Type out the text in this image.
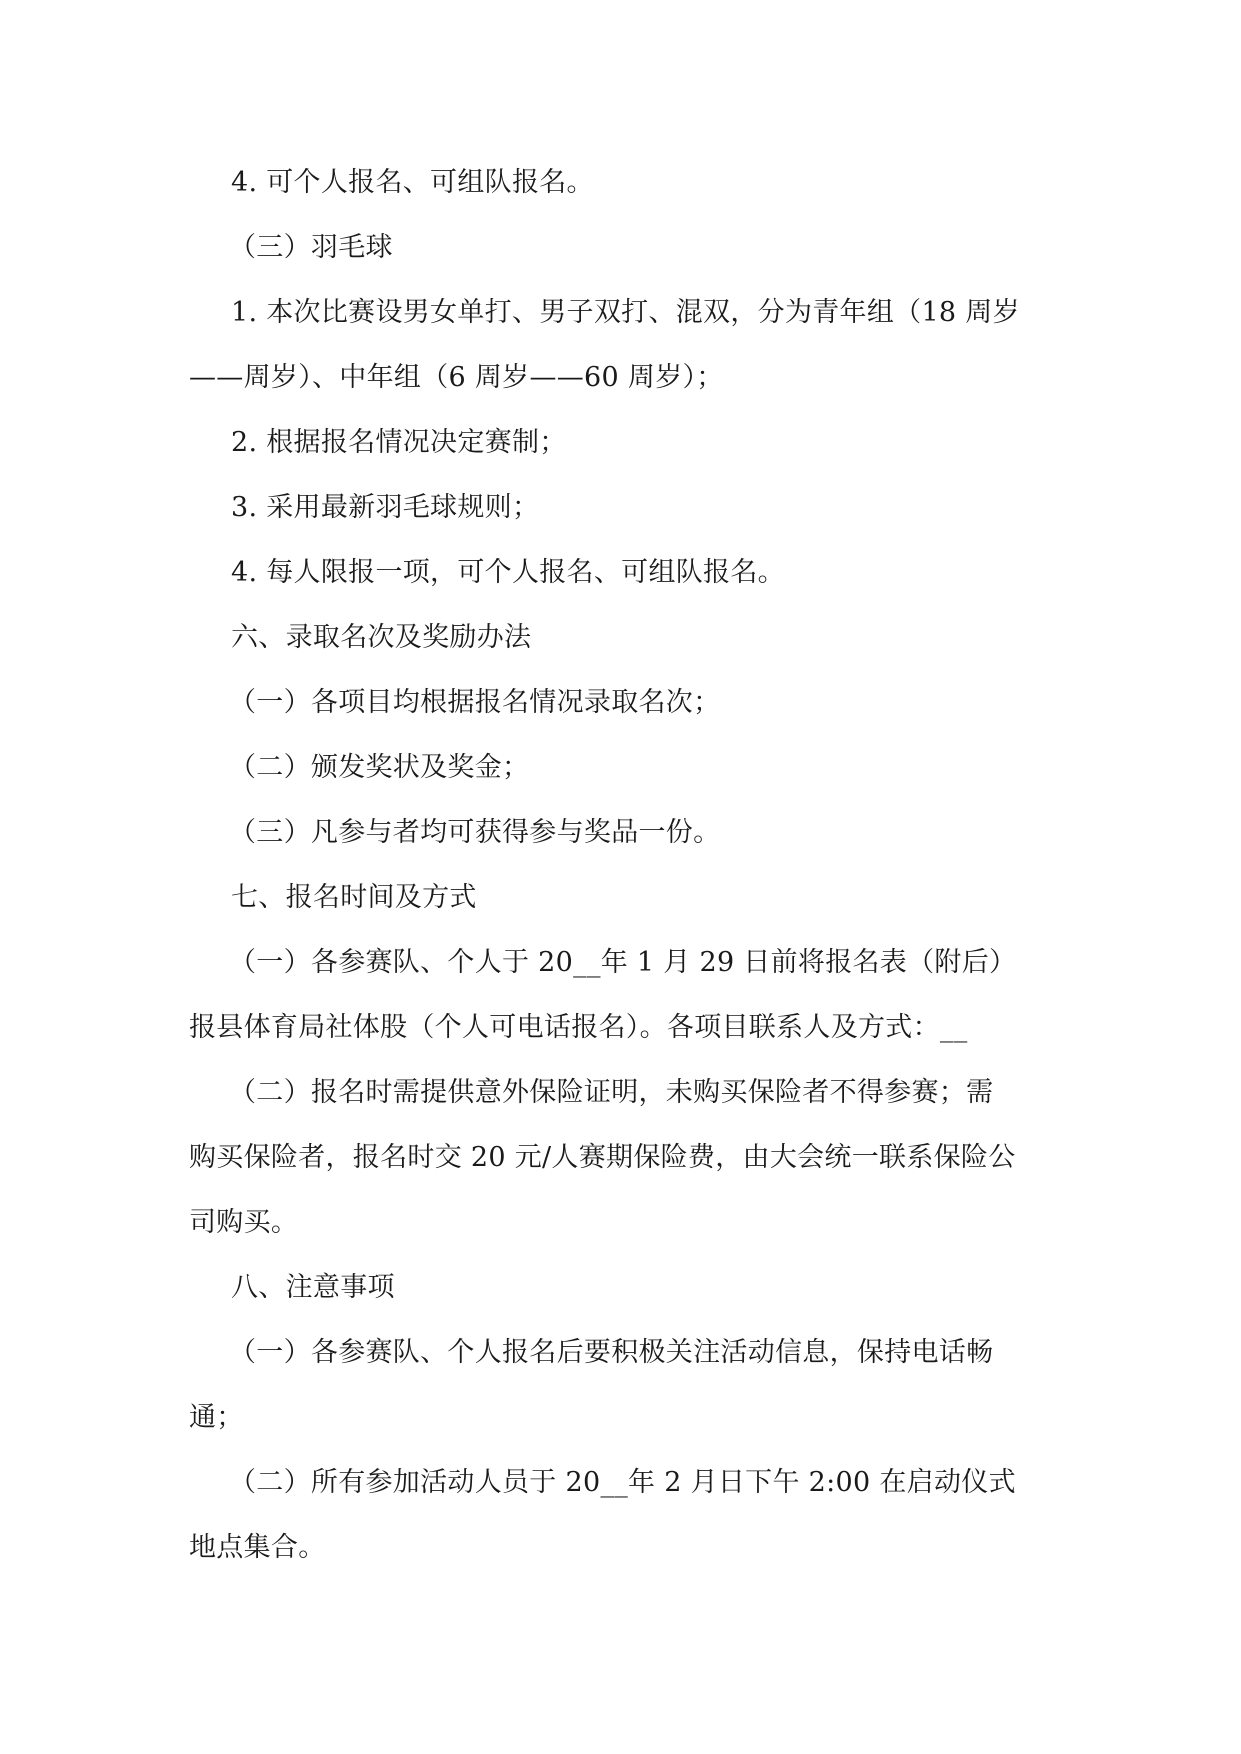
4. 可个人报名、可组队报名。

（三）羽毛球

1. 本次比赛设男女单打、男子双打、混双，分为青年组（18 周岁

——周岁）、中年组（6 周岁——60 周岁）；

2. 根据报名情况决定赛制；

3. 采用最新羽毛球规则；

4. 每人限报一项，可个人报名、可组队报名。

六、录取名次及奖励办法

（一）各项目均根据报名情况录取名次；

（二）颁发奖状及奖金；

（三）凡参与者均可获得参与奖品一份。

七、报名时间及方式

（一）各参赛队、个人于 20__年 1 月 29 日前将报名表（附后）

报县体育局社体股（个人可电话报名）。各项目联系人及方式：__

（二）报名时需提供意外保险证明，未购买保险者不得参赛；需

购买保险者，报名时交 20 元/人赛期保险费，由大会统一联系保险公

司购买。

八、注意事项

（一）各参赛队、个人报名后要积极关注活动信息，保持电话畅

通；

（二）所有参加活动人员于 20__年 2 月日下午 2:00 在启动仪式

地点集合。
